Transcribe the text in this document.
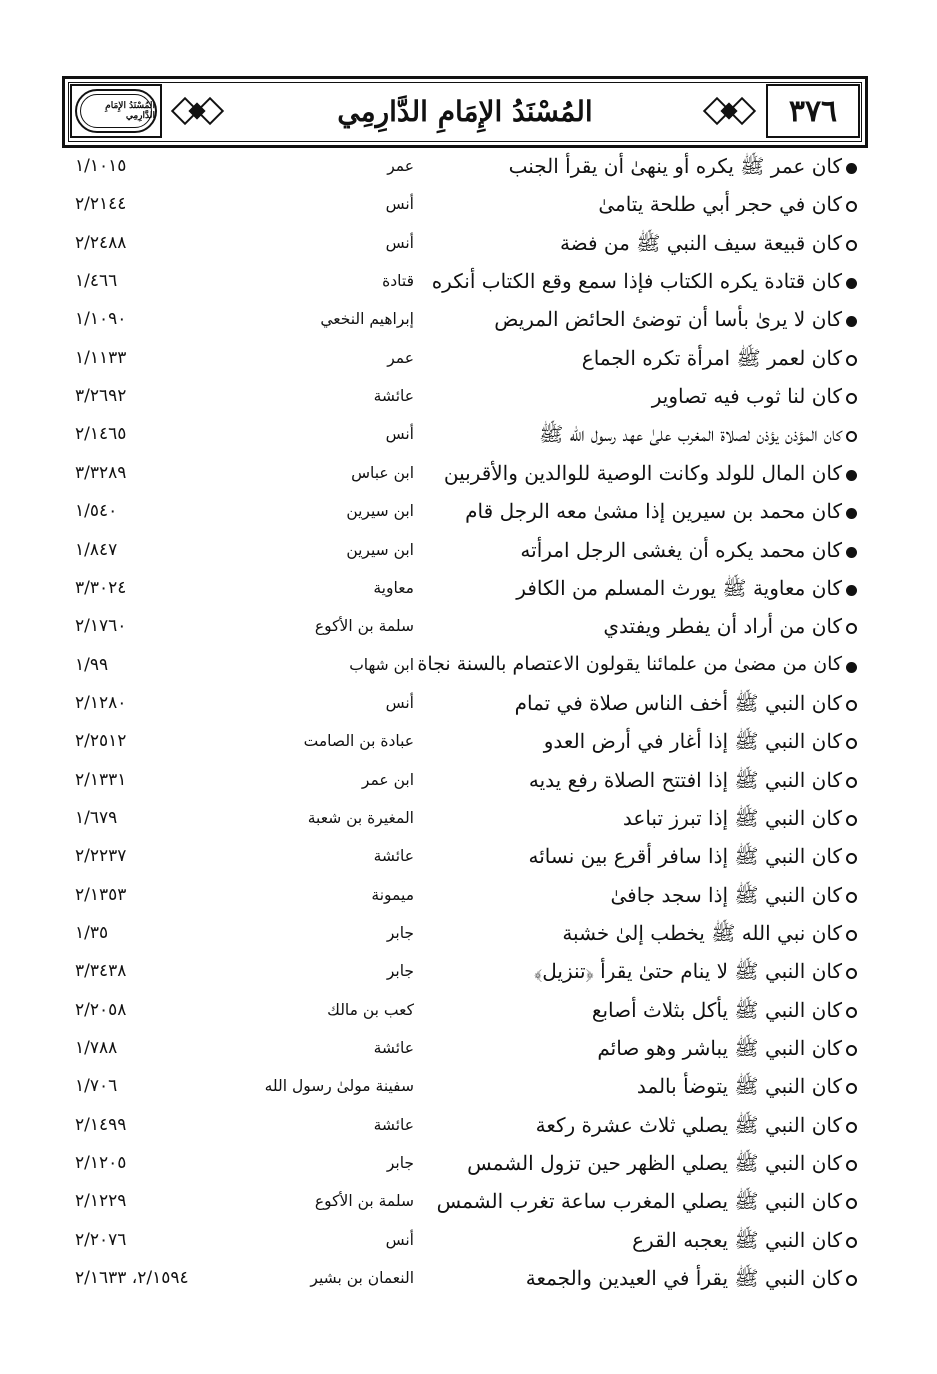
المُسْنَدُ الإِمَامِ الدَّارِمِي	المُسْنَدُ الإِمَامِ الدَّارِمِي	٣٧٦
كان عمر ﷺ يكره أو ينهىٰ أن يقرأ الجنب
عمر
١/١٠١٥
كان في حجر أبي طلحة يتامىٰ
أنس
٢/٢١٤٤
كان قبيعة سيف النبي ﷺ من فضة
أنس
٢/٢٤٨٨
كان قتادة يكره الكتاب فإذا سمع وقع الكتاب أنكره
قتادة
١/٤٦٦
كان لا يرىٰ بأسا أن توضئ الحائض المريض
إبراهيم النخعي
١/١٠٩٠
كان لعمر ﷺ امرأة تكره الجماع
عمر
١/١١٣٣
كان لنا ثوب فيه تصاوير
عائشة
٣/٢٦٩٢
كان المؤذن يؤذن لصلاة المغرب علىٰ عهد رسول الله ﷺ
أنس
٢/١٤٦٥
كان المال للولد وكانت الوصية للوالدين والأقربين
ابن عباس
٣/٣٢٨٩
كان محمد بن سيرين إذا مشىٰ معه الرجل قام
ابن سيرين
١/٥٤٠
كان محمد يكره أن يغشى الرجل امرأته
ابن سيرين
١/٨٤٧
كان معاوية ﷺ يورث المسلم من الكافر
معاوية
٣/٣٠٢٤
كان من أراد أن يفطر ويفتدي
سلمة بن الأكوع
٢/١٧٦٠
كان من مضىٰ من علمائنا يقولون الاعتصام بالسنة نجاة
ابن شهاب
١/٩٩
كان النبي ﷺ أخف الناس صلاة في تمام
أنس
٢/١٢٨٠
كان النبي ﷺ إذا أغار في أرض العدو
عبادة بن الصامت
٢/٢٥١٢
كان النبي ﷺ إذا افتتح الصلاة رفع يديه
ابن عمر
٢/١٣٣١
كان النبي ﷺ إذا تبرز تباعد
المغيرة بن شعبة
١/٦٧٩
كان النبي ﷺ إذا سافر أقرع بين نسائه
عائشة
٢/٢٢٣٧
كان النبي ﷺ إذا سجد جافىٰ
ميمونة
٢/١٣٥٣
كان نبي الله ﷺ يخطب إلىٰ خشبة
جابر
١/٣٥
كان النبي ﷺ لا ينام حتىٰ يقرأ ﴿تنزيل﴾
جابر
٣/٣٤٣٨
كان النبي ﷺ يأكل بثلاث أصابع
كعب بن مالك
٢/٢٠٥٨
كان النبي ﷺ يباشر وهو صائم
عائشة
١/٧٨٨
كان النبي ﷺ يتوضأ بالمد
سفينة مولىٰ رسول الله
١/٧٠٦
كان النبي ﷺ يصلي ثلاث عشرة ركعة
عائشة
٢/١٤٩٩
كان النبي ﷺ يصلي الظهر حين تزول الشمس
جابر
٢/١٢٠٥
كان النبي ﷺ يصلي المغرب ساعة تغرب الشمس
سلمة بن الأكوع
٢/١٢٢٩
كان النبي ﷺ يعجبه القرع
أنس
٢/٢٠٧٦
كان النبي ﷺ يقرأ في العيدين والجمعة
النعمان بن بشير
٢/١٥٩٤، ٢/١٦٣٣
